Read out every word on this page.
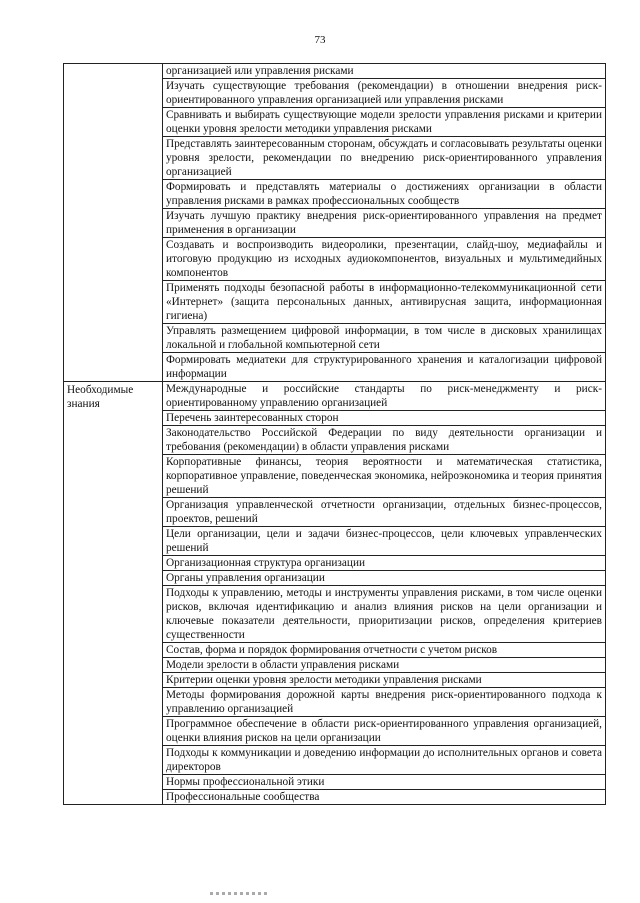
73
	организацией или управления рисками
	Изучать существующие требования (рекомендации) в отношении внедрения риск-ориентированного управления организацией или управления рисками
	Сравнивать и выбирать существующие модели зрелости управления рисками и критерии оценки уровня зрелости методики управления рисками
	Представлять заинтересованным сторонам, обсуждать и согласовывать результаты оценки уровня зрелости, рекомендации по внедрению риск-ориентированного управления организацией
	Формировать и представлять материалы о достижениях организации в области управления рисками в рамках профессиональных сообществ
	Изучать лучшую практику внедрения риск-ориентированного управления на предмет применения в организации
	Создавать и воспроизводить видеоролики, презентации, слайд-шоу, медиафайлы и итоговую продукцию из исходных аудиокомпонентов, визуальных и мультимедийных компонентов
	Применять подходы безопасной работы в информационно-телекоммуникационной сети «Интернет» (защита персональных данных, антивирусная защита, информационная гигиена)
	Управлять размещением цифровой информации, в том числе в дисковых хранилищах локальной и глобальной компьютерной сети
	Формировать медиатеки для структурированного хранения и каталогизации цифровой информации
Необходимые знания	Международные и российские стандарты по риск-менеджменту и риск-ориентированному управлению организацией
	Перечень заинтересованных сторон
	Законодательство Российской Федерации по виду деятельности организации и требования (рекомендации) в области управления рисками
	Корпоративные финансы, теория вероятности и математическая статистика, корпоративное управление, поведенческая экономика, нейроэкономика и теория принятия решений
	Организация управленческой отчетности организации, отдельных бизнес-процессов, проектов, решений
	Цели организации, цели и задачи бизнес-процессов, цели ключевых управленческих решений
	Организационная структура организации
	Органы управления организации
	Подходы к управлению, методы и инструменты управления рисками, в том числе оценки рисков, включая идентификацию и анализ влияния рисков на цели организации и ключевые показатели деятельности, приоритизации рисков, определения критериев существенности
	Состав, форма и порядок формирования отчетности с учетом рисков
	Модели зрелости в области управления рисками
	Критерии оценки уровня зрелости методики управления рисками
	Методы формирования дорожной карты внедрения риск-ориентированного подхода к управлению организацией
	Программное обеспечение в области риск-ориентированного управления организацией, оценки влияния рисков на цели организации
	Подходы к коммуникации и доведению информации до исполнительных органов и совета директоров
	Нормы профессиональной этики
	Профессиональные сообщества
